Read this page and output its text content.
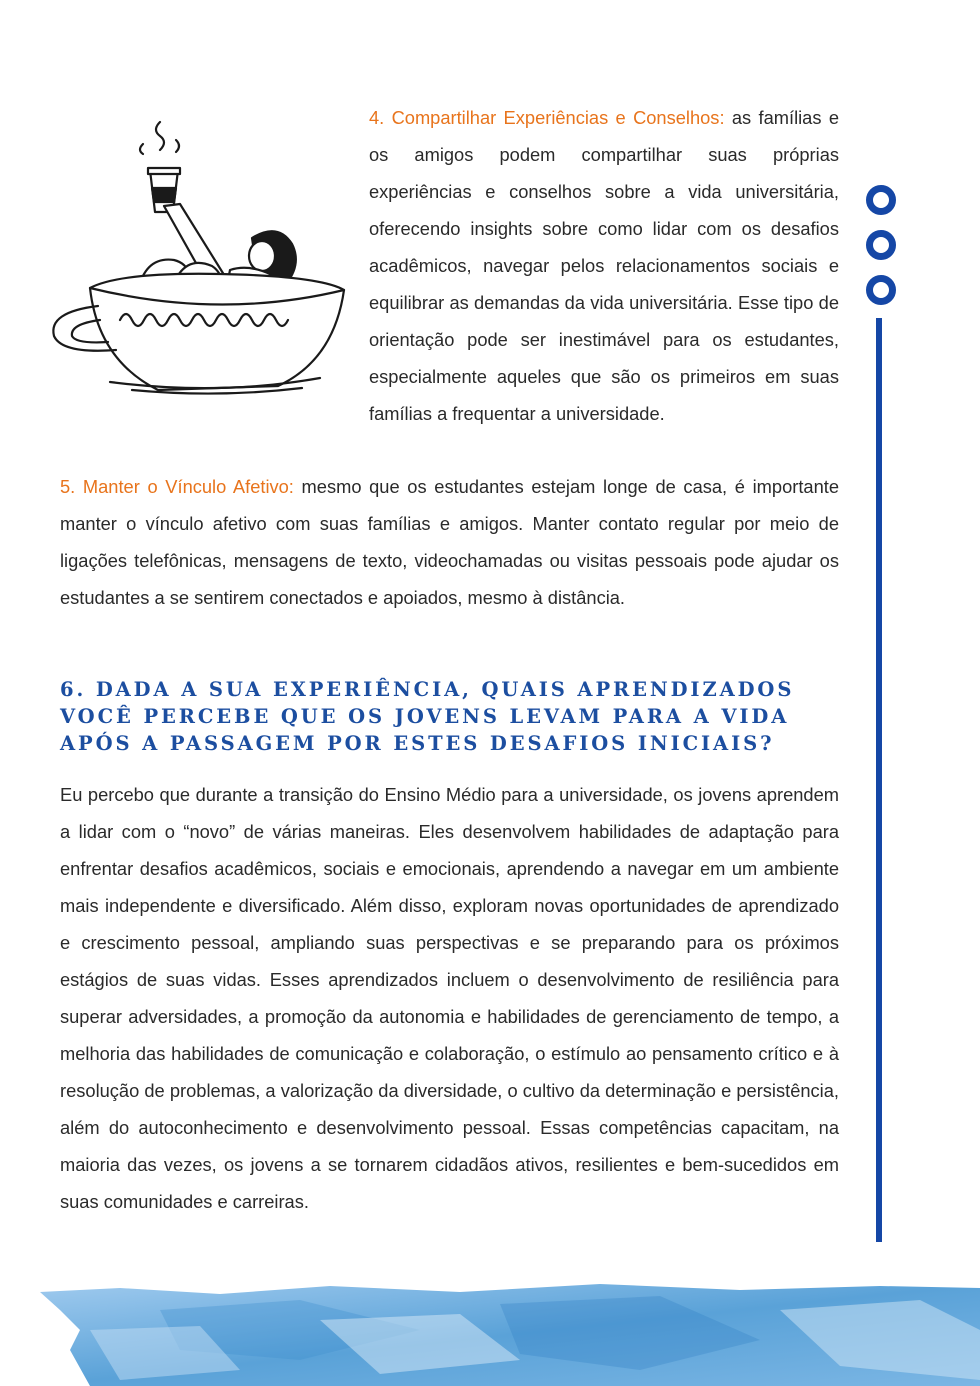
4. Compartilhar Experiências e Conselhos: as famílias e os amigos podem compartilhar suas próprias experiências e conselhos sobre a vida universitária, oferecendo insights sobre como lidar com os desafios acadêmicos, navegar pelos relacionamentos sociais e equilibrar as demandas da vida universitária. Esse tipo de orientação pode ser inestimável para os estudantes, especialmente aqueles que são os primeiros em suas famílias a frequentar a universidade.
5. Manter o Vínculo Afetivo: mesmo que os estudantes estejam longe de casa, é importante manter o vínculo afetivo com suas famílias e amigos. Manter contato regular por meio de ligações telefônicas, mensagens de texto, videochamadas ou visitas pessoais pode ajudar os estudantes a se sentirem conectados e apoiados, mesmo à distância.
6. DADA A SUA EXPERIÊNCIA, QUAIS APRENDIZADOS VOCÊ PERCEBE QUE OS JOVENS LEVAM PARA A VIDA APÓS A PASSAGEM POR ESTES DESAFIOS INICIAIS?
Eu percebo que durante a transição do Ensino Médio para a universidade, os jovens aprendem a lidar com o “novo” de várias maneiras. Eles desenvolvem habilidades de adaptação para enfrentar desafios acadêmicos, sociais e emocionais, aprendendo a navegar em um ambiente mais independente e diversificado. Além disso, exploram novas oportunidades de aprendizado e crescimento pessoal, ampliando suas perspectivas e se preparando para os próximos estágios de suas vidas. Esses aprendizados incluem o desenvolvimento de resiliência para superar adversidades, a promoção da autonomia e habilidades de gerenciamento de tempo, a melhoria das habilidades de comunicação e colaboração, o estímulo ao pensamento crítico e à resolução de problemas, a valorização da diversidade, o cultivo da determinação e persistência, além do autoconhecimento e desenvolvimento pessoal. Essas competências capacitam, na maioria das vezes, os jovens a se tornarem cidadãos ativos, resilientes e bem-sucedidos em suas comunidades e carreiras.
